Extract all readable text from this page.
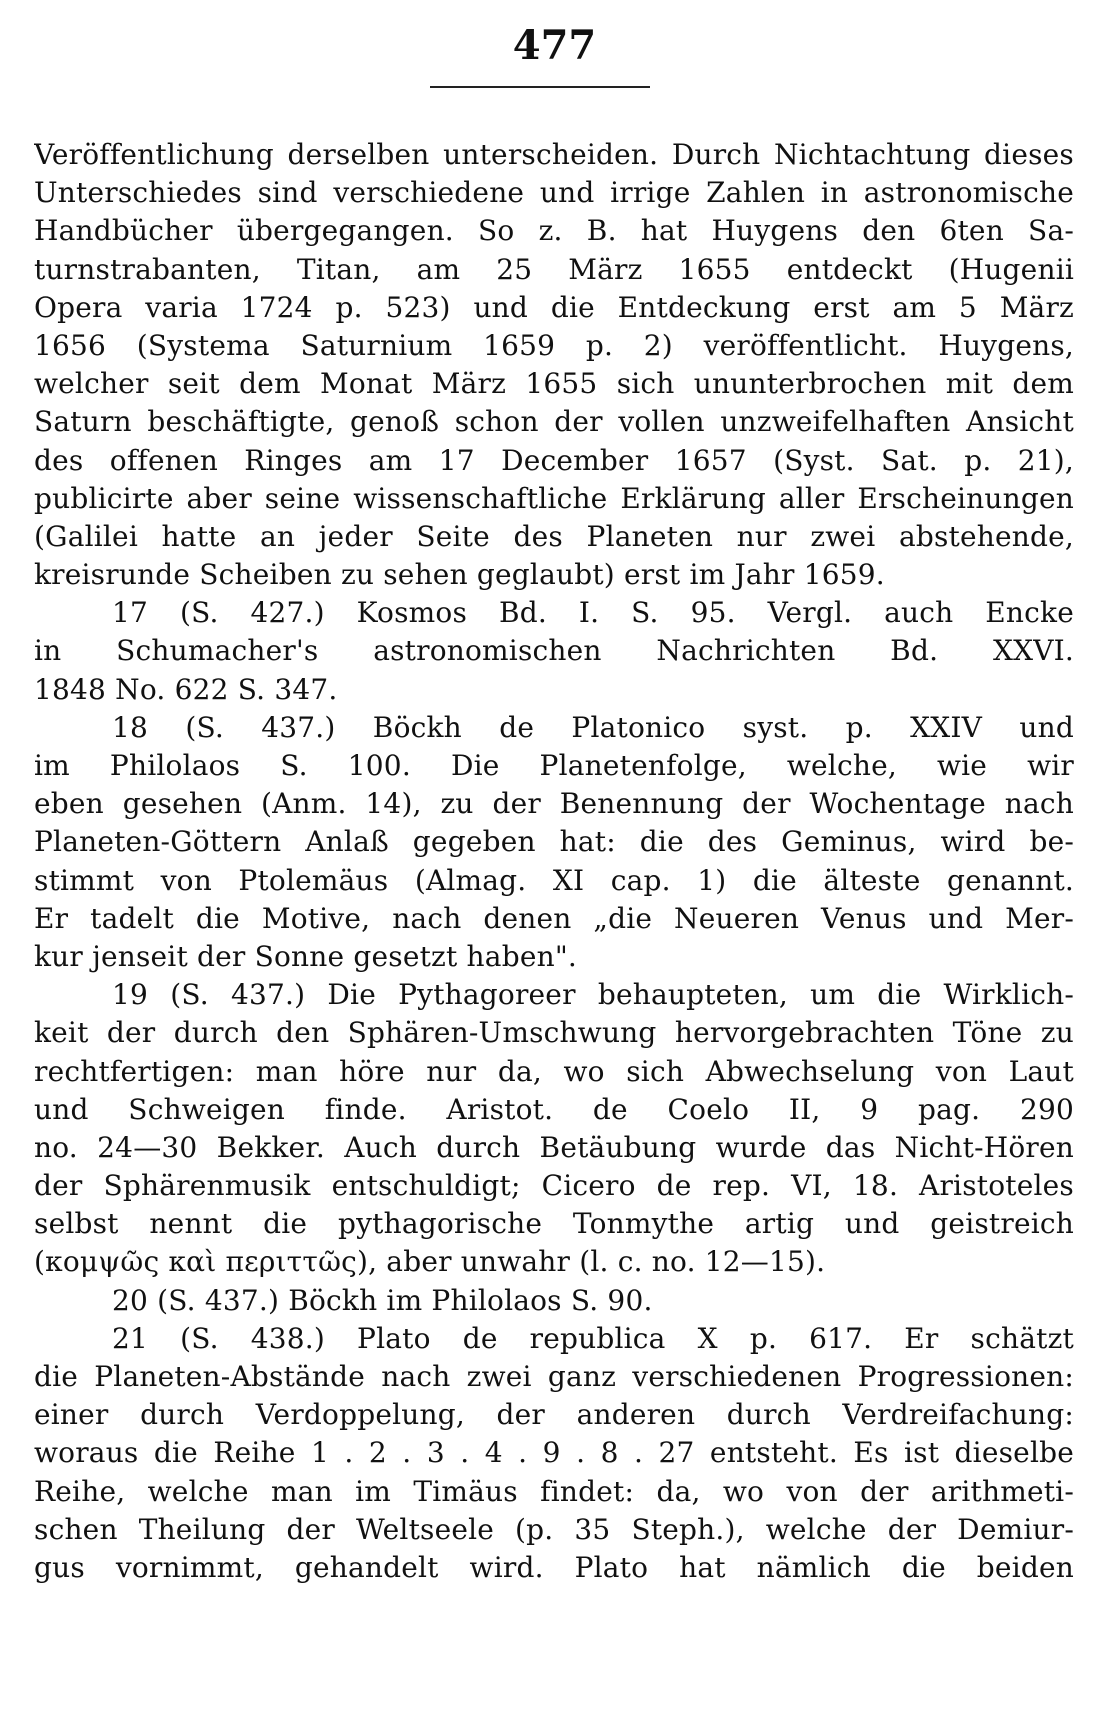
477
Veröffentlichung derselben unterscheiden. Durch Nichtachtung dieses
Unterschiedes sind verschiedene und irrige Zahlen in astronomische
Handbücher übergegangen. So z. B. hat Huygens den 6ten Sa-
turnstrabanten, Titan, am 25 März 1655 entdeckt (Hugenii
Opera varia 1724 p. 523) und die Entdeckung erst am 5 März
1656 (Systema Saturnium 1659 p. 2) veröffentlicht. Huygens,
welcher seit dem Monat März 1655 sich ununterbrochen mit dem
Saturn beschäftigte, genoß schon der vollen unzweifelhaften Ansicht
des offenen Ringes am 17 December 1657 (Syst. Sat. p. 21),
publicirte aber seine wissenschaftliche Erklärung aller Erscheinungen
(Galilei hatte an jeder Seite des Planeten nur zwei abstehende,
kreisrunde Scheiben zu sehen geglaubt) erst im Jahr 1659.
17 (S. 427.) Kosmos Bd. I. S. 95. Vergl. auch Encke
in Schumacher's astronomischen Nachrichten Bd. XXVI.
1848 No. 622 S. 347.
18 (S. 437.) Böckh de Platonico syst. p. XXIV und
im Philolaos S. 100. Die Planetenfolge, welche, wie wir
eben gesehen (Anm. 14), zu der Benennung der Wochentage nach
Planeten-Göttern Anlaß gegeben hat: die des Geminus, wird be-
stimmt von Ptolemäus (Almag. XI cap. 1) die älteste genannt.
Er tadelt die Motive, nach denen „die Neueren Venus und Mer-
kur jenseit der Sonne gesetzt haben".
19 (S. 437.) Die Pythagoreer behaupteten, um die Wirklich-
keit der durch den Sphären-Umschwung hervorgebrachten Töne zu
rechtfertigen: man höre nur da, wo sich Abwechselung von Laut
und Schweigen finde. Aristot. de Coelo II, 9 pag. 290
no. 24—30 Bekker. Auch durch Betäubung wurde das Nicht-Hören
der Sphärenmusik entschuldigt; Cicero de rep. VI, 18. Aristoteles
selbst nennt die pythagorische Tonmythe artig und geistreich
(κομψῶς καὶ περιττῶς), aber unwahr (l. c. no. 12—15).
20 (S. 437.) Böckh im Philolaos S. 90.
21 (S. 438.) Plato de republica X p. 617. Er schätzt
die Planeten-Abstände nach zwei ganz verschiedenen Progressionen:
einer durch Verdoppelung, der anderen durch Verdreifachung:
woraus die Reihe 1 . 2 . 3 . 4 . 9 . 8 . 27 entsteht. Es ist dieselbe
Reihe, welche man im Timäus findet: da, wo von der arithmeti-
schen Theilung der Weltseele (p. 35 Steph.), welche der Demiur-
gus vornimmt, gehandelt wird. Plato hat nämlich die beiden
